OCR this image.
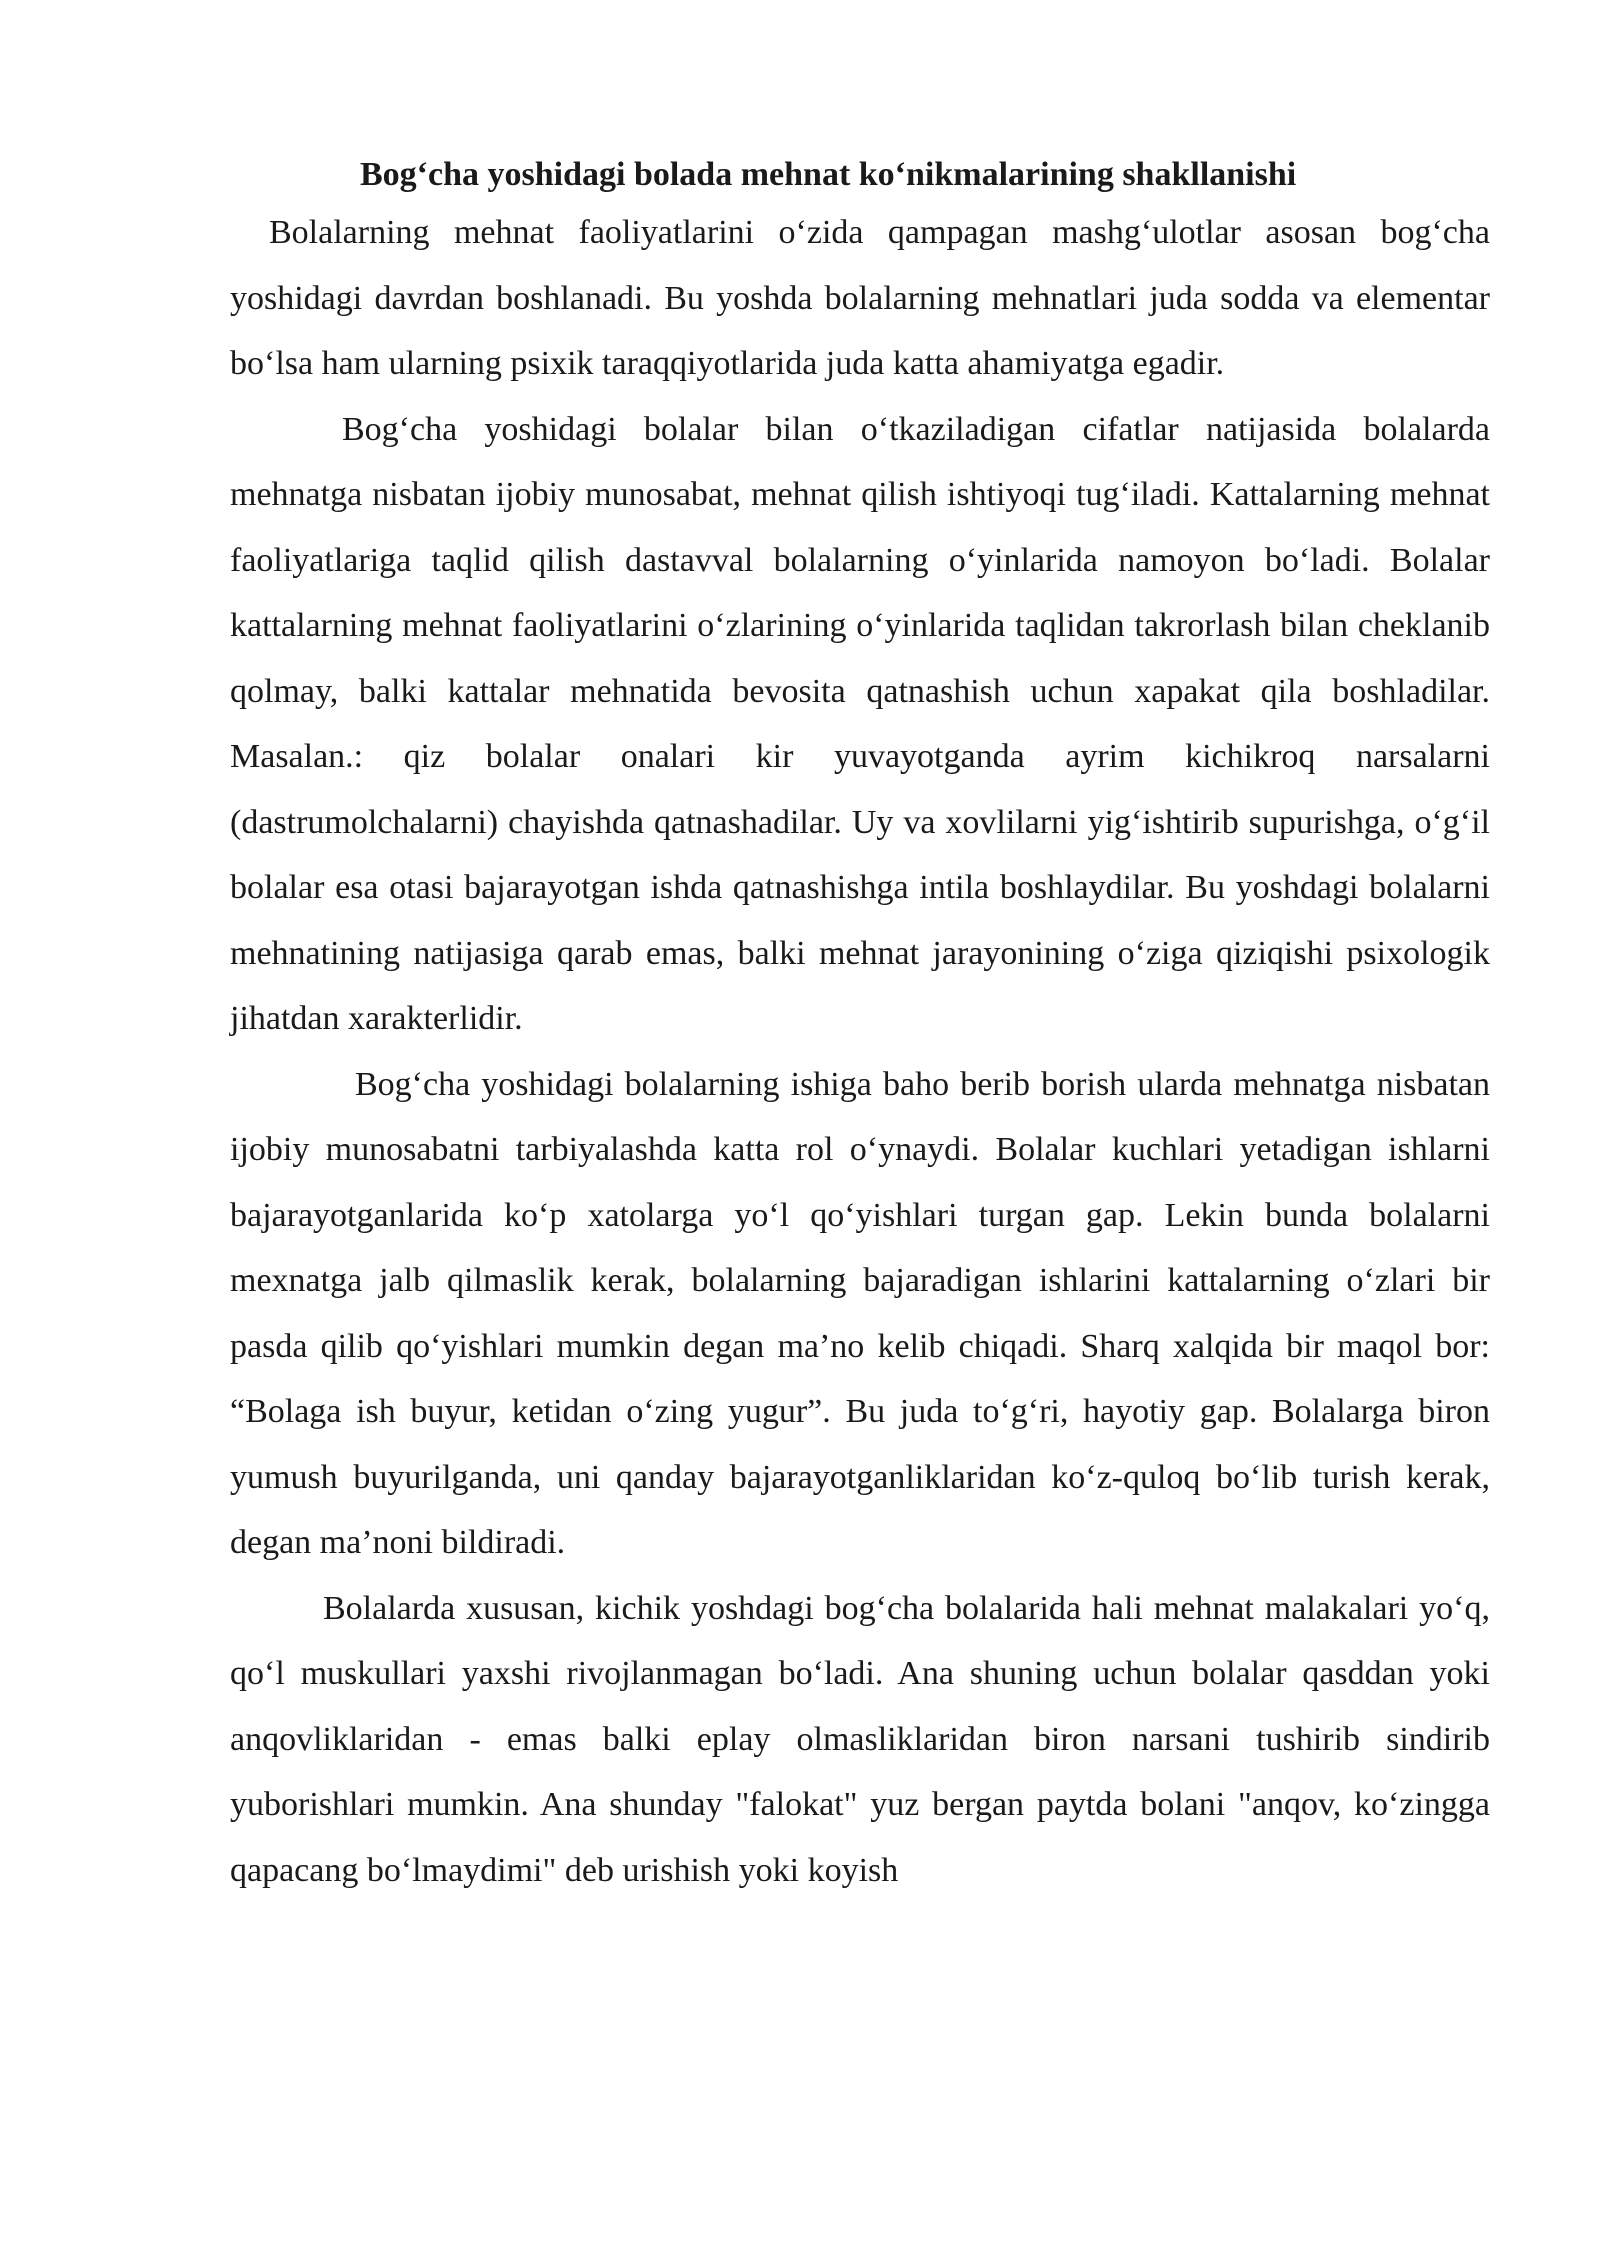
Bog‘cha yoshidagi bolada mehnat ko‘nikmalarining shakllanishi

Bolalarning mehnat faoliyatlarini o‘zida qampagan mashg‘ulotlar asosan bog‘cha yoshidagi davrdan boshlanadi. Bu yoshda bolalarning mehnatlari juda sodda va elementar bo‘lsa ham ularning psixik taraqqiyotlarida juda katta ahamiyatga egadir.

Bog‘cha yoshidagi bolalar bilan o‘tkaziladigan cifatlar natijasida bolalarda mehnatga nisbatan ijobiy munosabat, mehnat qilish ishtiyoqi tug‘iladi. Kattalarning mehnat faoliyatlariga taqlid qilish dastavval bolalarning o‘yinlarida namoyon bo‘ladi. Bolalar kattalarning mehnat faoliyatlarini o‘zlarining o‘yinlarida taqlidan takrorlash bilan cheklanib qolmay, balki kattalar mehnatida bevosita qatnashish uchun xapakat qila boshladilar. Masalan.: qiz bolalar onalari kir yuvayotganda ayrim kichikroq narsalarni (dastrumolchalarni) chayishda qatnashadilar. Uy va xovlilarni yig‘ishtirib supurishga, o‘g‘il bolalar esa otasi bajarayotgan ishda qatnashishga intila boshlaydilar. Bu yoshdagi bolalarni mehnatining natijasiga qarab emas, balki mehnat jarayonining o‘ziga qiziqishi psixologik jihatdan xarakterlidir.

Bog‘cha yoshidagi bolalarning ishiga baho berib borish ularda mehnatga nisbatan ijobiy munosabatni tarbiyalashda katta rol o‘ynaydi. Bolalar kuchlari yetadigan ishlarni bajarayotganlarida ko‘p xatolarga yo‘l qo‘yishlari turgan gap. Lekin bunda bolalarni mexnatga jalb qilmaslik kerak, bolalarning bajaradigan ishlarini kattalarning o‘zlari bir pasda qilib qo‘yishlari mumkin degan ma’no kelib chiqadi. Sharq xalqida bir maqol bor: “Bolaga ish buyur, ketidan o‘zing yugur”. Bu juda to‘g‘ri, hayotiy gap. Bolalarga biron yumush buyurilganda, uni qanday bajarayotganliklaridan ko‘z-quloq bo‘lib turish kerak, degan ma’noni bildiradi.

Bolalarda xususan, kichik yoshdagi bog‘cha bolalarida hali mehnat malakalari yo‘q, qo‘l muskullari yaxshi rivojlanmagan bo‘ladi. Ana shuning uchun bolalar qasddan yoki anqovliklaridan - emas balki eplay olmasliklaridan biron narsani tushirib sindirib yuborishlari mumkin. Ana shunday "falokat" yuz bergan paytda bolani "anqov, ko‘zingga qapacang bo‘lmaydimi" deb urishish yoki koyish
